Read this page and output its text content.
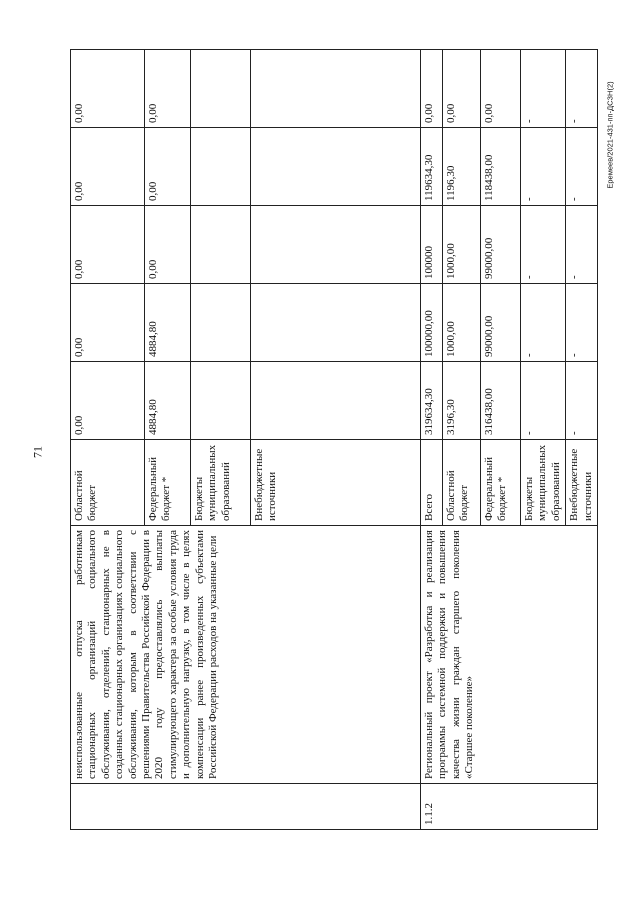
71
Еремеев/2021-431-пп-ДСЗН(2)
	неиспользованные отпуска работникам стационарных организаций социального обслуживания, отделений, стационарных не в созданных стационарных организациях социального обслуживания, которым в соответствии с решениями Правительства Российской Федерации в 2020 году предоставлялись выплаты стимулирующего характера за особые условия труда и дополнительную нагрузку, в том числе в целях компенсации ранее произведенных субъектами Российской Федерации расходов на указанные цели	Областной бюджет	0,00	0,00	0,00	0,00	0,00
		Федеральный бюджет *	4884,80	4884,80	0,00	0,00	0,00
		Бюджеты муниципальных образований					
		Внебюджетные источники					
1.1.2	Региональный проект «Разработка и реализация программы системной поддержки и повышения качества жизни граждан старшего поколения «Старшее поколение»	Всего	319634,30	100000,00	100000	119634,30	0,00
		Областной бюджет	3196,30	1000,00	1000,00	1196,30	0,00
		Федеральный бюджет *	316438,00	99000,00	99000,00	118438,00	0,00
		Бюджеты муниципальных образований	-	-	-	-	-
		Внебюджетные источники	-	-	-	-	-
